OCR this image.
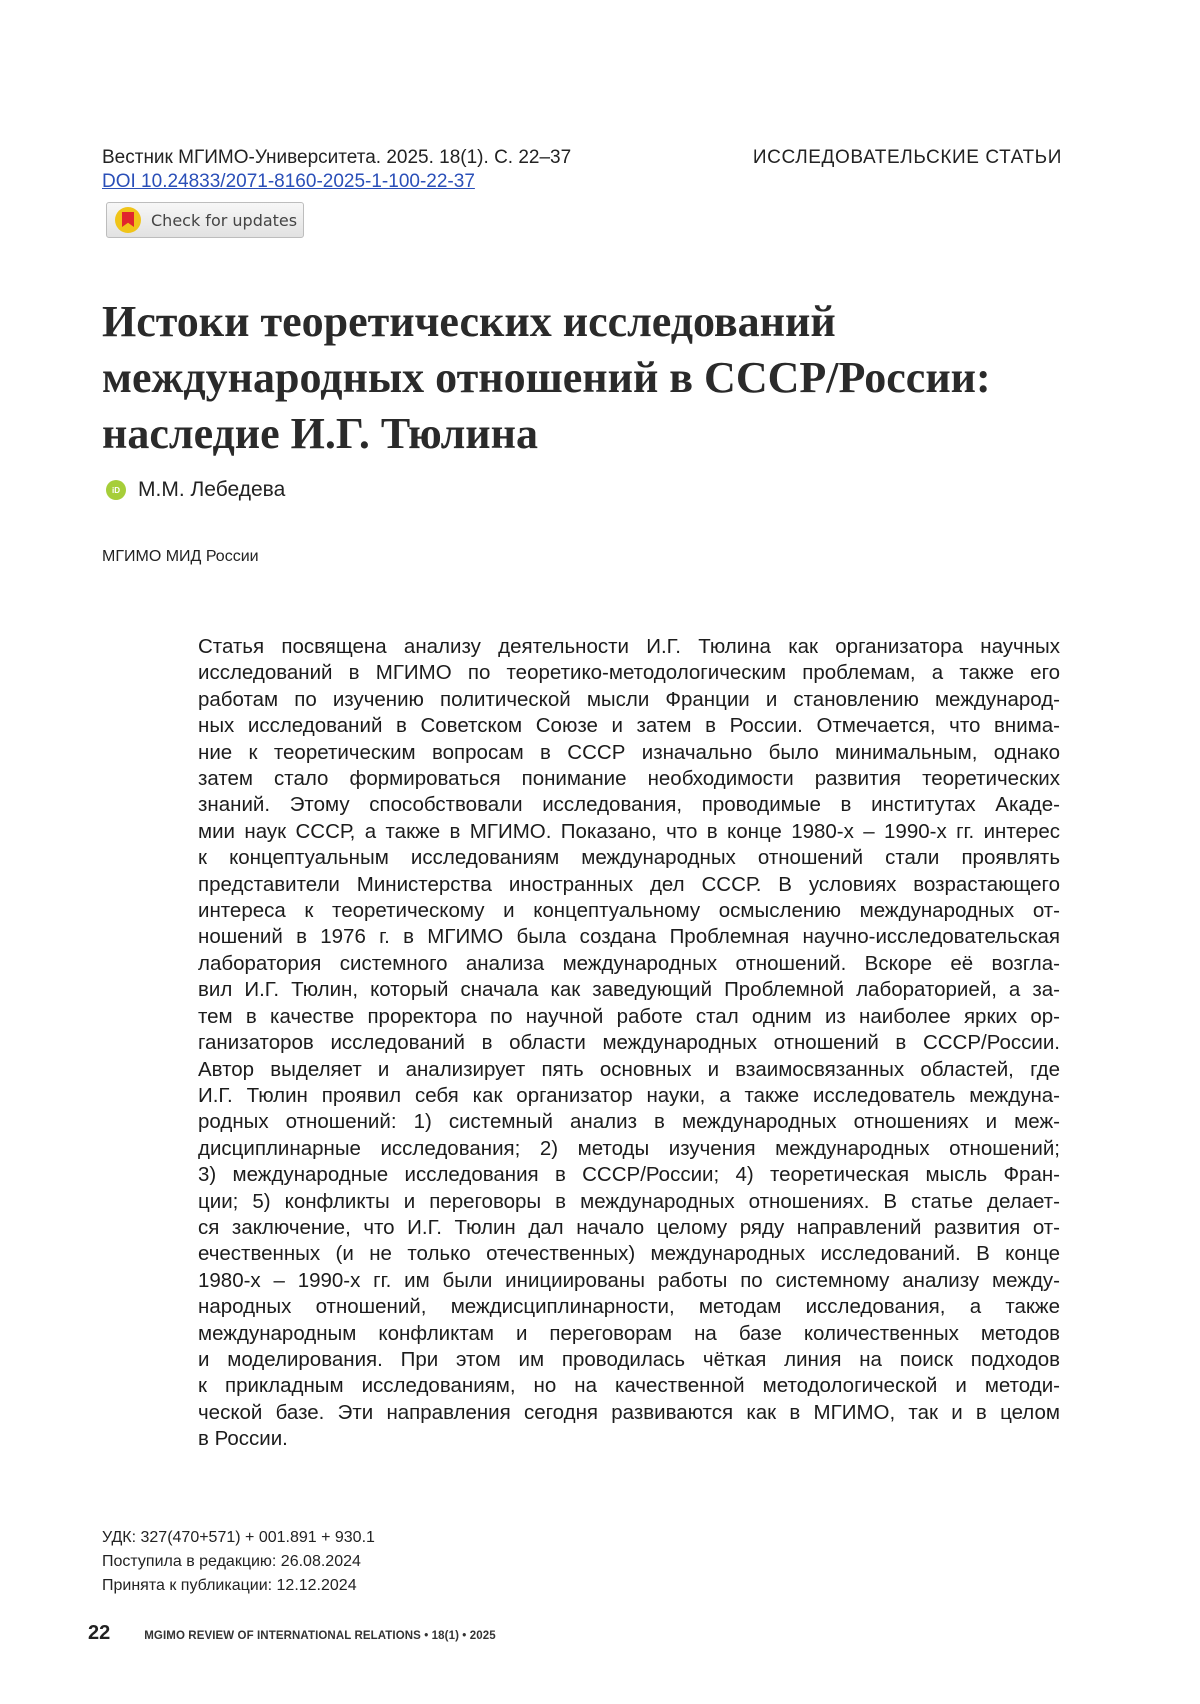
Вестник МГИМО-Университета. 2025. 18(1). С. 22–37
DOI 10.24833/2071-8160-2025-1-100-22-37
ИССЛЕДОВАТЕЛЬСКИЕ СТАТЬИ
Check for updates
Истоки теоретических исследований
международных отношений в СССР/России:
наследие И.Г. Тюлина
iD М.М. Лебедева
МГИМО МИД России
Статья посвящена анализу деятельности И.Г. Тюлина как организатора научных
исследований в МГИМО по теоретико-методологическим проблемам, а также его
работам по изучению политической мысли Франции и становлению международ-
ных исследований в Советском Союзе и затем в России. Отмечается, что внима-
ние к теоретическим вопросам в СССР изначально было минимальным, однако
затем стало формироваться понимание необходимости развития теоретических
знаний. Этому способствовали исследования, проводимые в институтах Акаде-
мии наук СССР, а также в МГИМО. Показано, что в конце 1980-х – 1990-х гг. интерес
к концептуальным исследованиям международных отношений стали проявлять
представители Министерства иностранных дел СССР. В условиях возрастающего
интереса к теоретическому и концептуальному осмыслению международных от-
ношений в 1976 г. в МГИМО была создана Проблемная научно-исследовательская
лаборатория системного анализа международных отношений. Вскоре её возгла-
вил И.Г. Тюлин, который сначала как заведующий Проблемной лабораторией, а за-
тем в качестве проректора по научной работе стал одним из наиболее ярких ор-
ганизаторов исследований в области международных отношений в СССР/России.
Автор выделяет и анализирует пять основных и взаимосвязанных областей, где
И.Г. Тюлин проявил себя как организатор науки, а также исследователь междуна-
родных отношений: 1) системный анализ в международных отношениях и меж-
дисциплинарные исследования; 2) методы изучения международных отношений;
3) международные исследования в СССР/России; 4) теоретическая мысль Фран-
ции; 5) конфликты и переговоры в международных отношениях. В статье делает-
ся заключение, что И.Г. Тюлин дал начало целому ряду направлений развития от-
ечественных (и не только отечественных) международных исследований. В конце
1980-х – 1990-х гг. им были инициированы работы по системному анализу между-
народных отношений, междисциплинарности, методам исследования, а также
международным конфликтам и переговорам на базе количественных методов
и моделирования. При этом им проводилась чёткая линия на поиск подходов
к прикладным исследованиям, но на качественной методологической и методи-
ческой базе. Эти направления сегодня развиваются как в МГИМО, так и в целом
в России.
УДК: 327(470+571) + 001.891 + 930.1
Поступила в редакцию: 26.08.2024
Принята к публикации: 12.12.2024
22	MGIMO REVIEW OF INTERNATIONAL RELATIONS • 18(1) • 2025
